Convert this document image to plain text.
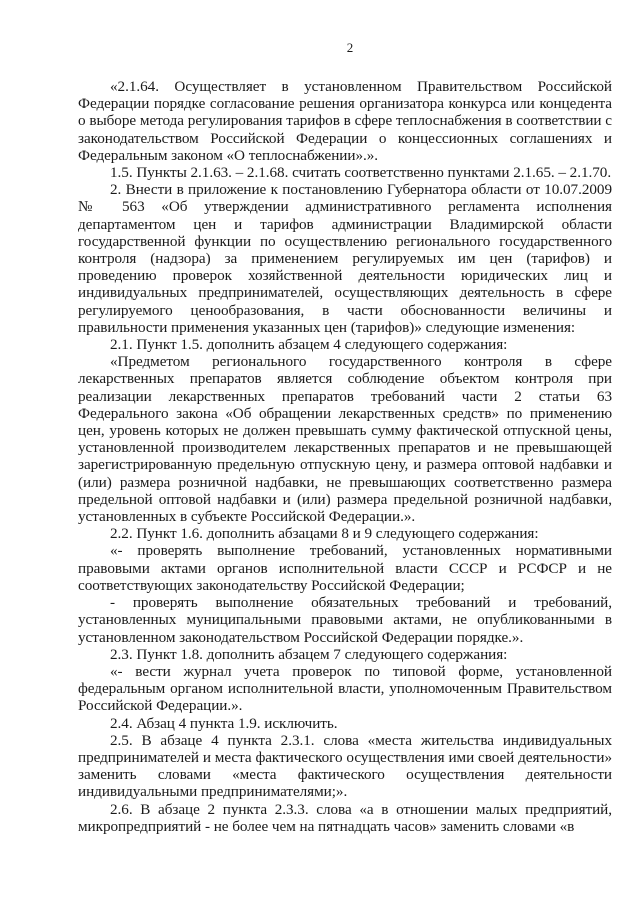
2

«2.1.64. Осуществляет в установленном Правительством Российской Федерации порядке согласование решения организатора конкурса или концедента о выборе метода регулирования тарифов в сфере теплоснабжения в соответствии с законодательством Российской Федерации о концессионных соглашениях и Федеральным законом «О теплоснабжении».».

1.5. Пункты 2.1.63. – 2.1.68. считать соответственно пунктами 2.1.65. – 2.1.70.

2. Внести в приложение к постановлению Губернатора области от 10.07.2009 № 563 «Об утверждении административного регламента исполнения департаментом цен и тарифов администрации Владимирской области государственной функции по осуществлению регионального государственного контроля (надзора) за применением регулируемых им цен (тарифов) и проведению проверок хозяйственной деятельности юридических лиц и индивидуальных предпринимателей, осуществляющих деятельность в сфере регулируемого ценообразования, в части обоснованности величины и правильности применения указанных цен (тарифов)» следующие изменения:

2.1. Пункт 1.5. дополнить абзацем 4 следующего содержания:

«Предметом регионального государственного контроля в сфере лекарственных препаратов является соблюдение объектом контроля при реализации лекарственных препаратов требований части 2 статьи 63 Федерального закона «Об обращении лекарственных средств» по применению цен, уровень которых не должен превышать сумму фактической отпускной цены, установленной производителем лекарственных препаратов и не превышающей зарегистрированную предельную отпускную цену, и размера оптовой надбавки и (или) размера розничной надбавки, не превышающих соответственно размера предельной оптовой надбавки и (или) размера предельной розничной надбавки, установленных в субъекте Российской Федерации.».

2.2. Пункт 1.6. дополнить абзацами 8 и 9 следующего содержания:

«- проверять выполнение требований, установленных нормативными правовыми актами органов исполнительной власти СССР и РСФСР и не соответствующих законодательству Российской Федерации;

- проверять выполнение обязательных требований и требований, установленных муниципальными правовыми актами, не опубликованными в установленном законодательством Российской Федерации порядке.».

2.3. Пункт 1.8. дополнить абзацем 7 следующего содержания:

«- вести журнал учета проверок по типовой форме, установленной федеральным органом исполнительной власти, уполномоченным Правительством Российской Федерации.».

2.4. Абзац 4 пункта 1.9. исключить.

2.5. В абзаце 4 пункта 2.3.1. слова «места жительства индивидуальных предпринимателей и места фактического осуществления ими своей деятельности» заменить словами «места фактического осуществления деятельности индивидуальными предпринимателями;».

2.6. В абзаце 2 пункта 2.3.3. слова «а в отношении малых предприятий, микропредприятий - не более чем на пятнадцать часов» заменить словами «в
